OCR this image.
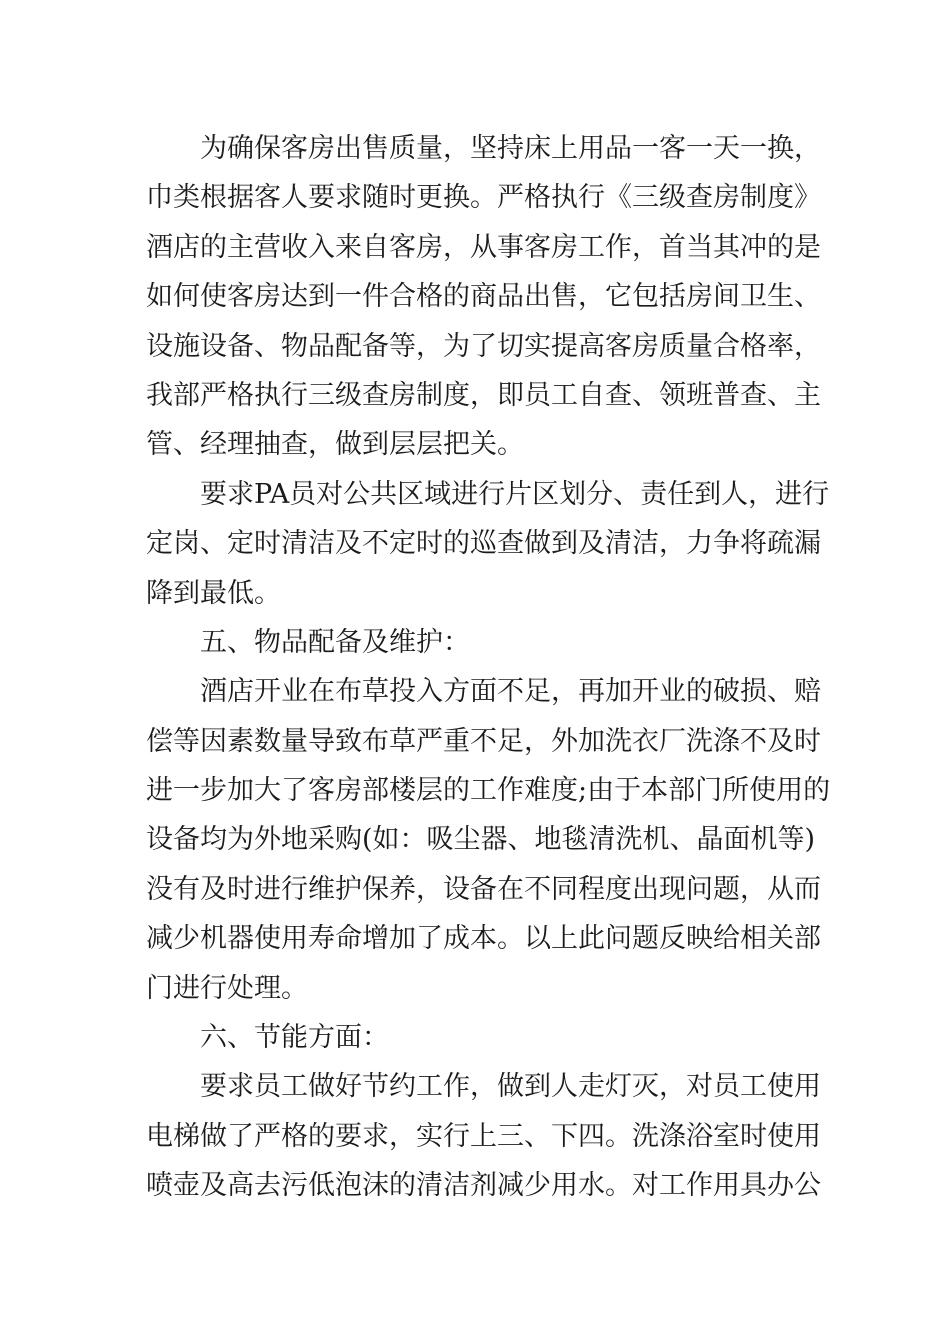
为确保客房出售质量，坚持床上用品一客一天一换，
巾类根据客人要求随时更换。严格执行《三级查房制度》
酒店的主营收入来自客房，从事客房工作，首当其冲的是
如何使客房达到一件合格的商品出售，它包括房间卫生、
设施设备、物品配备等，为了切实提高客房质量合格率，
我部严格执行三级查房制度，即员工自查、领班普查、主
管、经理抽查，做到层层把关。
要求PA员对公共区域进行片区划分、责任到人，进行
定岗、定时清洁及不定时的巡查做到及清洁，力争将疏漏
降到最低。
五、物品配备及维护：
酒店开业在布草投入方面不足，再加开业的破损、赔
偿等因素数量导致布草严重不足，外加洗衣厂洗涤不及时
进一步加大了客房部楼层的工作难度;由于本部门所使用的
设备均为外地采购(如：吸尘器、地毯清洗机、晶面机等)
没有及时进行维护保养，设备在不同程度出现问题，从而
减少机器使用寿命增加了成本。以上此问题反映给相关部
门进行处理。
六、节能方面：
要求员工做好节约工作，做到人走灯灭，对员工使用
电梯做了严格的要求，实行上三、下四。洗涤浴室时使用
喷壶及高去污低泡沫的清洁剂减少用水。对工作用具办公
